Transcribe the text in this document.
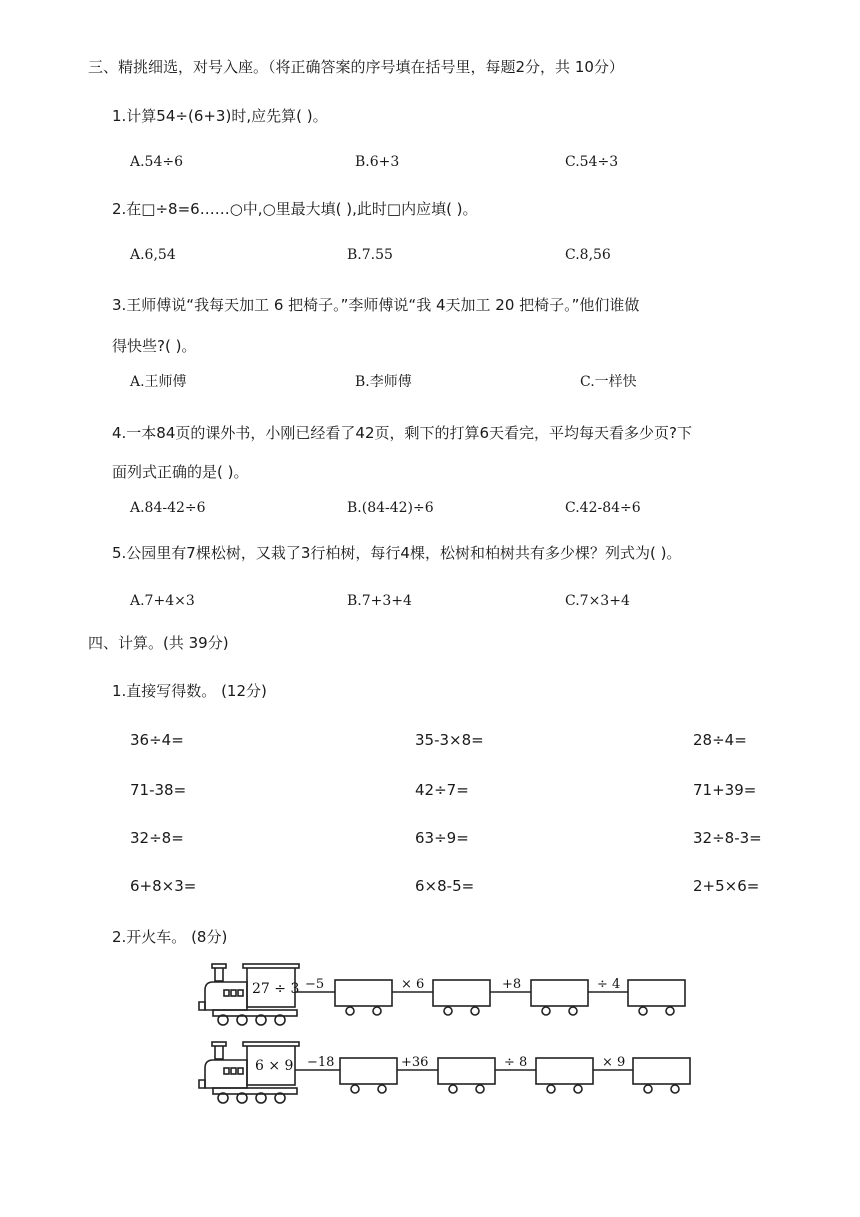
三、精挑细选，对号入座。（将正确答案的序号填在括号里，每题2分，共 10分）
1.计算54÷(6+3)时,应先算( )。
A.54÷6	B.6+3	C.54÷3
2.在□÷8=6……○中,○里最大填( ),此时□内应填( )。
A.6,54	B.7.55	C.8,56
3.王师傅说“我每天加工 6 把椅子。”李师傅说“我 4天加工 20 把椅子。”他们谁做
得快些?( )。
A.王师傅	B.李师傅	C.一样快
4.一本84页的课外书，小刚已经看了42页，剩下的打算6天看完，平均每天看多少页?下
面列式正确的是( )。
A.84-42÷6	B.(84-42)÷6	C.42-84÷6
5.公园里有7棵松树，又栽了3行柏树，每行4棵，松树和柏树共有多少棵？列式为( )。
A.7+4×3	B.7+3+4	C.7×3+4
四、计算。(共 39分)
1.直接写得数。 (12分)
36÷4=	35-3×8=	28÷4=
71-38=	42÷7=	71+39=
32÷8=	63÷9=	32÷8-3=
6+8×3=	6×8-5=	2+5×6=
2.开火车。 (8分)
27 ÷ 3 −5	× 6	+8	÷ 4
6 × 9 −18	+36	÷ 8	× 9
